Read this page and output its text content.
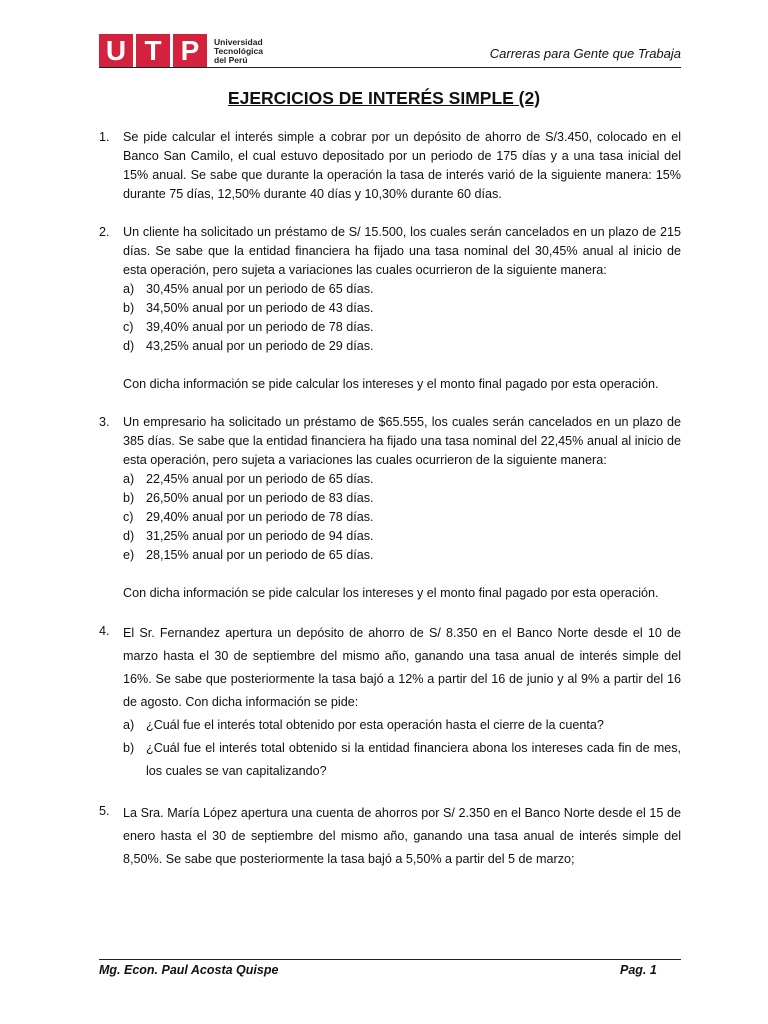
U T P	Universidad
Tecnológica
del Perú	Carreras para Gente que Trabaja
EJERCICIOS DE INTERÉS SIMPLE (2)
1.	Se pide calcular el interés simple a cobrar por un depósito de ahorro de S/3.450, colocado en el Banco San Camilo, el cual estuvo depositado por un periodo de 175 días y a una tasa inicial del 15% anual. Se sabe que durante la operación la tasa de interés varió de la siguiente manera: 15% durante 75 días, 12,50% durante 40 días y 10,30% durante 60 días.
2.	Un cliente ha solicitado un préstamo de S/ 15.500, los cuales serán cancelados en un plazo de 215 días. Se sabe que la entidad financiera ha fijado una tasa nominal del 30,45% anual al inicio de esta operación, pero sujeta a variaciones las cuales ocurrieron de la siguiente manera:
a) 30,45% anual por un periodo de 65 días.
b) 34,50% anual por un periodo de 43 días.
c) 39,40% anual por un periodo de 78 días.
d) 43,25% anual por un periodo de 29 días.
Con dicha información se pide calcular los intereses y el monto final pagado por esta operación.
3.	Un empresario ha solicitado un préstamo de $65.555, los cuales serán cancelados en un plazo de 385 días. Se sabe que la entidad financiera ha fijado una tasa nominal del 22,45% anual al inicio de esta operación, pero sujeta a variaciones las cuales ocurrieron de la siguiente manera:
a) 22,45% anual por un periodo de 65 días.
b) 26,50% anual por un periodo de 83 días.
c) 29,40% anual por un periodo de 78 días.
d) 31,25% anual por un periodo de 94 días.
e) 28,15% anual por un periodo de 65 días.
Con dicha información se pide calcular los intereses y el monto final pagado por esta operación.
4.	El Sr. Fernandez apertura un depósito de ahorro de S/ 8.350 en el Banco Norte desde el 10 de marzo hasta el 30 de septiembre del mismo año, ganando una tasa anual de interés simple del 16%. Se sabe que posteriormente la tasa bajó a 12% a partir del 16 de junio y al 9% a partir del 16 de agosto. Con dicha información se pide:
a) ¿Cuál fue el interés total obtenido por esta operación hasta el cierre de la cuenta?
b) ¿Cuál fue el interés total obtenido si la entidad financiera abona los intereses cada fin de mes, los cuales se van capitalizando?
5.	La Sra. María López apertura una cuenta de ahorros por S/ 2.350 en el Banco Norte desde el 15 de enero hasta el 30 de septiembre del mismo año, ganando una tasa anual de interés simple del 8,50%. Se sabe que posteriormente la tasa bajó a 5,50% a partir del 5 de marzo;
Mg. Econ. Paul Acosta Quispe	Pag. 1
